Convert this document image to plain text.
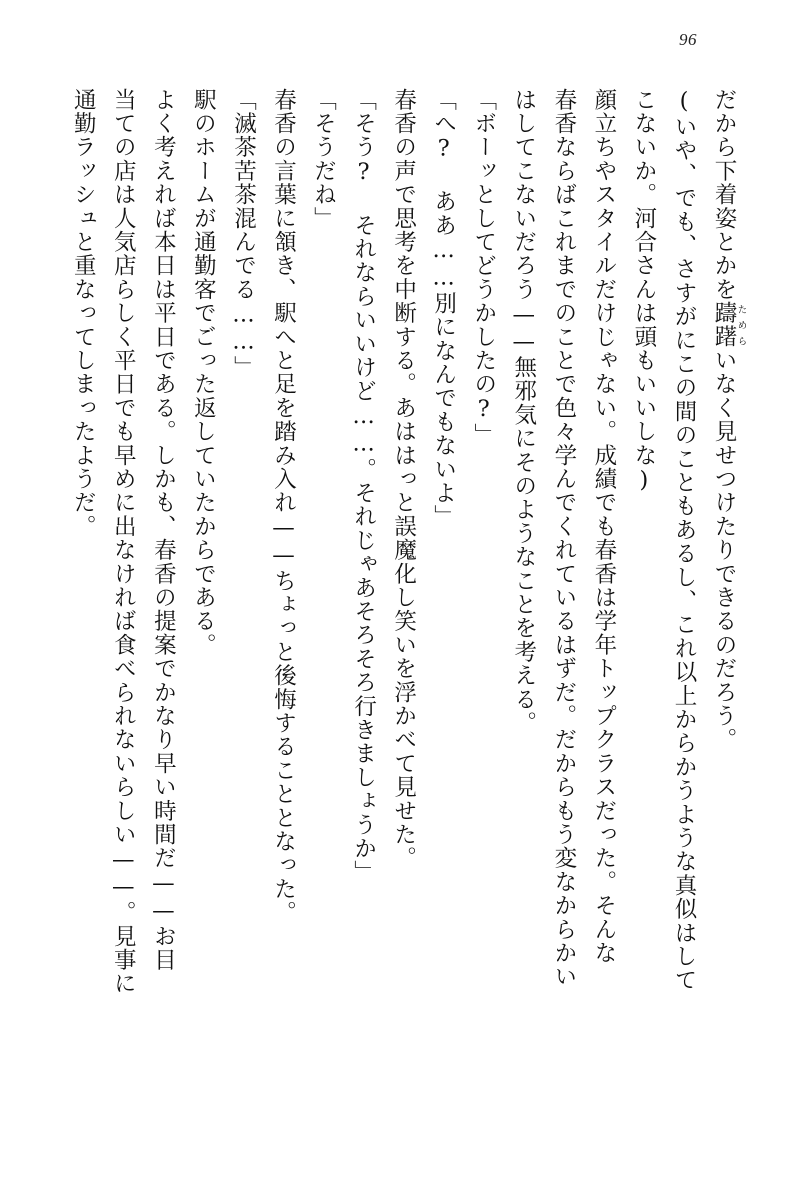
96
だから下着姿とかを躊躇ためらいなく見せつけたりできるのだろう。
(いや、でも、さすがにこの間のこともあるし、これ以上からかうような真似はして
こないか。河合さんは頭もいいしな)
顔立ちやスタイルだけじゃない。成績でも春香は学年トップクラスだった。そんな
春香ならばこれまでのことで色々学んでくれているはずだ。だからもう変なからかい
はしてこないだろう——無邪気にそのようなことを考える。
「ボーッとしてどうかしたの?」
「へ? ああ……別になんでもないよ」
春香の声で思考を中断する。あははっと誤魔化し笑いを浮かべて見せた。
「そう? それならいいけど……。それじゃあそろそろ行きましょうか」
「そうだね」
春香の言葉に頷き、駅へと足を踏み入れ——ちょっと後悔することとなった。
「滅茶苦茶混んでる……」
駅のホームが通勤客でごった返していたからである。
よく考えれば本日は平日である。しかも、春香の提案でかなり早い時間だ——お目
当ての店は人気店らしく平日でも早めに出なければ食べられないらしい——。見事に
通勤ラッシュと重なってしまったようだ。
